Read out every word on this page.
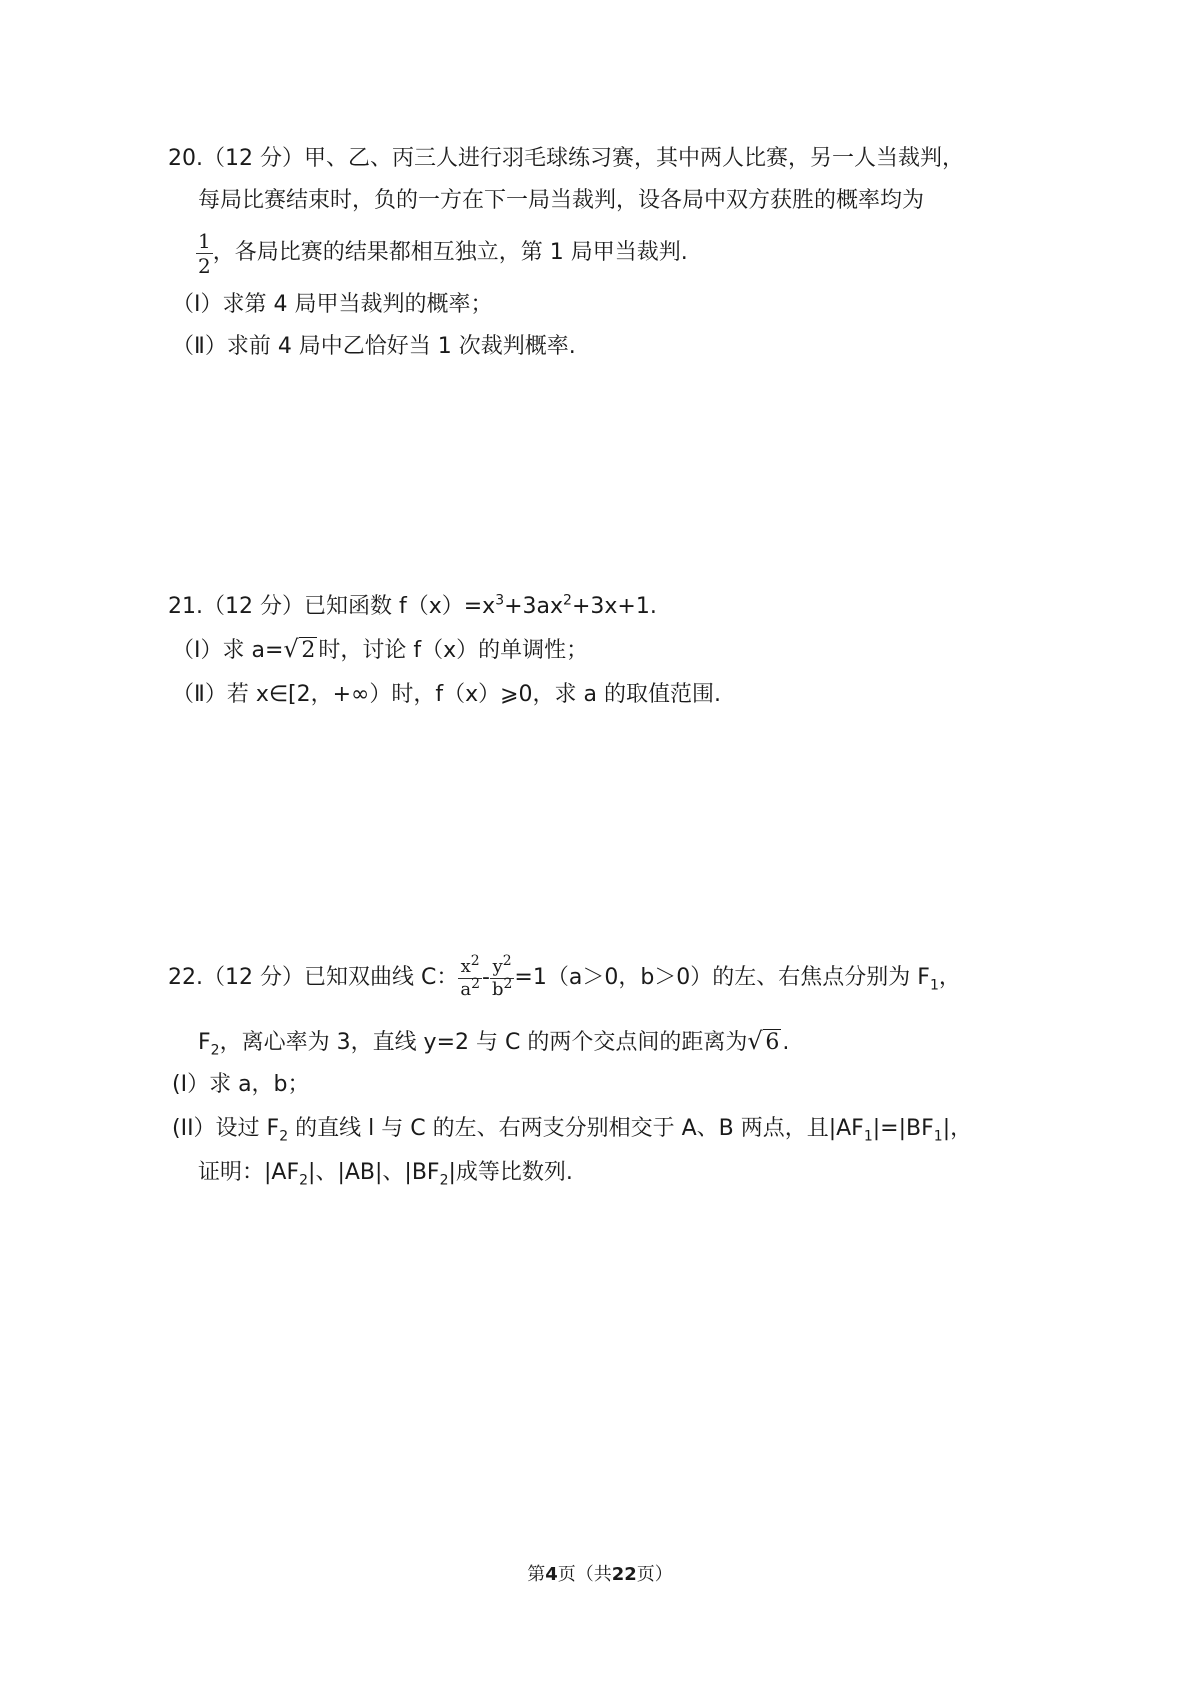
20.（12 分）甲、乙、丙三人进行羽毛球练习赛，其中两人比赛，另一人当裁判，
每局比赛结束时，负的一方在下一局当裁判，设各局中双方获胜的概率均为
$\frac{1}{2}$ ，各局比赛的结果都相互独立，第 1 局甲当裁判.
（Ⅰ）求第 4 局甲当裁判的概率；
（Ⅱ）求前 4 局中乙恰好当 1 次裁判概率.
21.（12 分）已知函数 $f(x)=x^3+3ax^2+3x+1$.
（Ⅰ）求 a= √ 2 时，讨论 f（x）的单调性；
（Ⅱ）若 x∈[2，+∞）时，f（x）⩾0，求 a 的取值范围.
22.（12 分）已知双曲线 C： $\frac{x^2}{a^2} - \frac{y^2}{b^2} =1(a>0$，b＞0）的左、右焦点分别为 $F_1$，
$F_2$，离心率为 3，直线 y=2 与 C 的两个交点间的距离为 √ 6 .
(I）求 a，b；
(II）设过 $F_2$ 的直线 l 与 C 的左、右两支分别相交于 A、B 两点，且$|AF_1|=|BF_1|$，
证明：$|AF_2|$、|AB|、$|BF_2|$成等比数列.
第4页（共22页）
